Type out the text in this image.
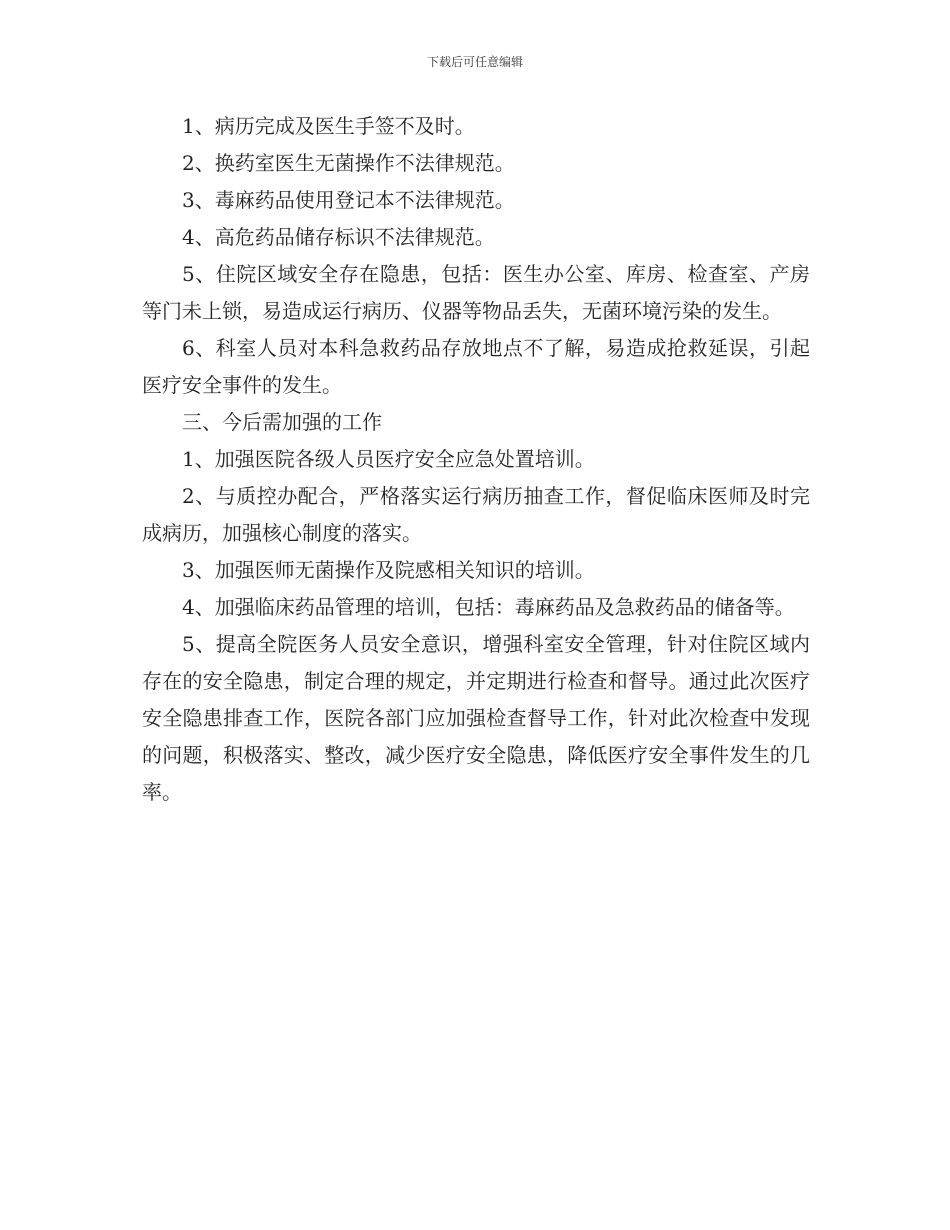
下载后可任意编辑

1、病历完成及医生手签不及时。

2、换药室医生无菌操作不法律规范。

3、毒麻药品使用登记本不法律规范。

4、高危药品储存标识不法律规范。

5、住院区域安全存在隐患，包括：医生办公室、库房、检查室、产房等门未上锁，易造成运行病历、仪器等物品丢失，无菌环境污染的发生。

6、科室人员对本科急救药品存放地点不了解，易造成抢救延误，引起医疗安全事件的发生。

三、今后需加强的工作

1、加强医院各级人员医疗安全应急处置培训。

2、与质控办配合，严格落实运行病历抽查工作，督促临床医师及时完成病历，加强核心制度的落实。

3、加强医师无菌操作及院感相关知识的培训。

4、加强临床药品管理的培训，包括：毒麻药品及急救药品的储备等。

5、提高全院医务人员安全意识，增强科室安全管理，针对住院区域内存在的安全隐患，制定合理的规定，并定期进行检查和督导。通过此次医疗安全隐患排查工作，医院各部门应加强检查督导工作，针对此次检查中发现的问题，积极落实、整改，减少医疗安全隐患，降低医疗安全事件发生的几率。
